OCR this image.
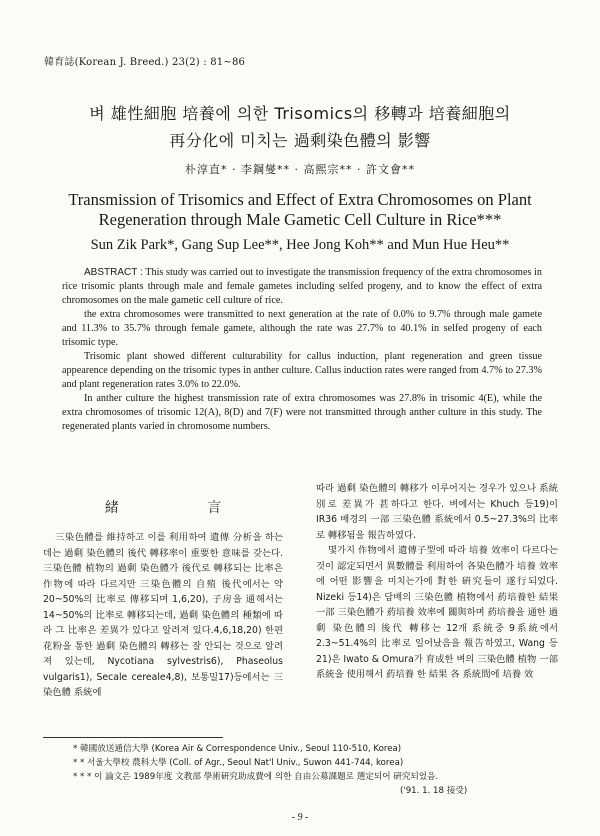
韓育誌(Korean J. Breed.) 23(2) : 81~86
벼 雄性細胞 培養에 의한 Trisomics의 移轉과 培養細胞의
再分化에 미치는 過剩染色體의 影響
朴淳直* · 李鋼燮** · 高熙宗** · 許文會**
Transmission of Trisomics and Effect of Extra Chromosomes on Plant
Regeneration through Male Gametic Cell Culture in Rice***
Sun Zik Park*, Gang Sup Lee**, Hee Jong Koh** and Mun Hue Heu**

ABSTRACT : This study was carried out to investigate the transmission frequency of the extra chromosomes in rice trisomic plants through male and female gametes including selfed progeny, and to know the effect of extra chromosomes on the male gametic cell culture of rice.

the extra chromosomes were transmitted to next generation at the rate of 0.0% to 9.7% through male gamete and 11.3% to 35.7% through female gamete, although the rate was 27.7% to 40.1% in selfed progeny of each trisomic type.

Trisomic plant showed different culturability for callus induction, plant regeneration and green tissue appearence depending on the trisomic types in anther culture. Callus induction rates were ranged from 4.7% to 27.3% and plant regeneration rates 3.0% to 22.0%.

In anther culture the highest transmission rate of extra chromosomes was 27.8% in trisomic 4(E), while the extra chromosomes of trisomic 12(A), 8(D) and 7(F) were not transmitted through anther culture in this study. The regenerated plants varied in chromosome numbers.

緒 言

三染色體를 維持하고 이를 利用하여 遺傳 分析을 하는데는 過剩 染色體의 後代 轉移率이 重要한 意味를 갖는다. 三染色體 植物의 過剩 染色體가 後代로 轉移되는 比率은 作物에 따라 다르지만 三染色體의 自殖 後代에서는 약 20~50%의 比率로 傳移되며 1,6,20), 子房을 通해서는 14~50%의 比率로 轉移되는데, 過剩 染色體의 種類에 따라 그 比率은 差異가 있다고 알려져 있다.4,6,18,20) 한편 花粉을 통한 過剩 染色體의 轉移는 잘 안되는 것으로 알려져 있는데, Nycotiana sylvestris6), Phaseolus vulgaris1), Secale cereale4,8), 보통밀17)등에서는 三染色體 系統에

따라 過剩 染色體의 轉移가 이루어지는 경우가 있으나 系統別로 差異가 甚하다고 한다. 벼에서는 Khuch 등19)이 IR36 배경의 一部 三染色體 系統에서 0.5~27.3%의 比率로 轉移됨을 報告하였다.

몇가지 作物에서 遺傳子型에 따라 培養 效率이 다르다는 것이 認定되면서 異數體를 利用하여 各染色體가 培養 效率에 어떤 影響을 미치는가에 對한 硏究들이 遂行되었다. Nizeki 등14)은 담배의 三染色體 植物에서 葯培養한 結果 一部 三染色體가 葯培養 效率에 關與하며 葯培養을 通한 過剩 染色體의 後代 轉移는 12개 系統중 9系統에서 2.3~51.4%의 比率로 일어났음을 報告하였고, Wang 등21)은 Iwato & Omura가 育成한 벼의 三染色體 植物 一部 系統을 使用해서 葯培養 한 結果 各 系統間에 培養 效

* 韓國放送通信大學 (Korea Air & Correspondence Univ., Seoul 110-510, Korea)
* * 서울大學校 農科大學 (Coll. of Agr., Seoul Nat'l Univ., Suwon 441-744, korea)
* * * 이 論文은 1989年度 文教部 學術硏究助成費에 의한 自由公募課題로 選定되어 硏究되었음.
('91. 1. 18 接受)
- 9 -
